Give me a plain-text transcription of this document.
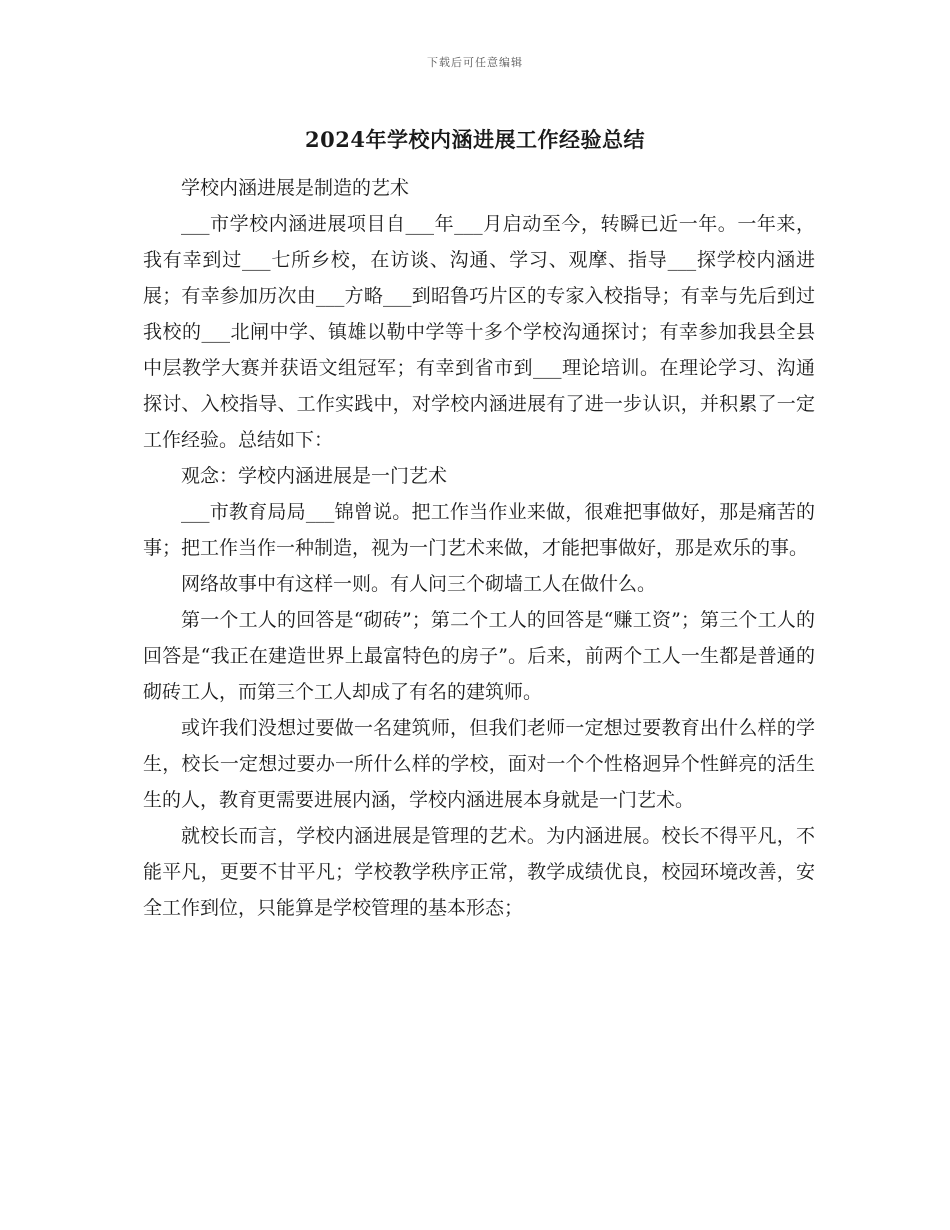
下载后可任意编辑
2024年学校内涵进展工作经验总结

学校内涵进展是制造的艺术

___市学校内涵进展项目自___年___月启动至今，转瞬已近一年。一年来，我有幸到过___七所乡校，在访谈、沟通、学习、观摩、指导___探学校内涵进展；有幸参加历次由___方略___到昭鲁巧片区的专家入校指导；有幸与先后到过我校的___北闸中学、镇雄以勒中学等十多个学校沟通探讨；有幸参加我县全县中层教学大赛并获语文组冠军；有幸到省市到___理论培训。在理论学习、沟通探讨、入校指导、工作实践中，对学校内涵进展有了进一步认识，并积累了一定工作经验。总结如下：

观念：学校内涵进展是一门艺术

___市教育局局___锦曾说。把工作当作业来做，很难把事做好，那是痛苦的事；把工作当作一种制造，视为一门艺术来做，才能把事做好，那是欢乐的事。

网络故事中有这样一则。有人问三个砌墙工人在做什么。

第一个工人的回答是“砌砖”；第二个工人的回答是“赚工资”；第三个工人的回答是“我正在建造世界上最富特色的房子”。后来，前两个工人一生都是普通的砌砖工人，而第三个工人却成了有名的建筑师。

或许我们没想过要做一名建筑师，但我们老师一定想过要教育出什么样的学生，校长一定想过要办一所什么样的学校，面对一个个性格迥异个性鲜亮的活生生的人，教育更需要进展内涵，学校内涵进展本身就是一门艺术。

就校长而言，学校内涵进展是管理的艺术。为内涵进展。校长不得平凡，不能平凡，更要不甘平凡；学校教学秩序正常，教学成绩优良，校园环境改善，安全工作到位，只能算是学校管理的基本形态；
